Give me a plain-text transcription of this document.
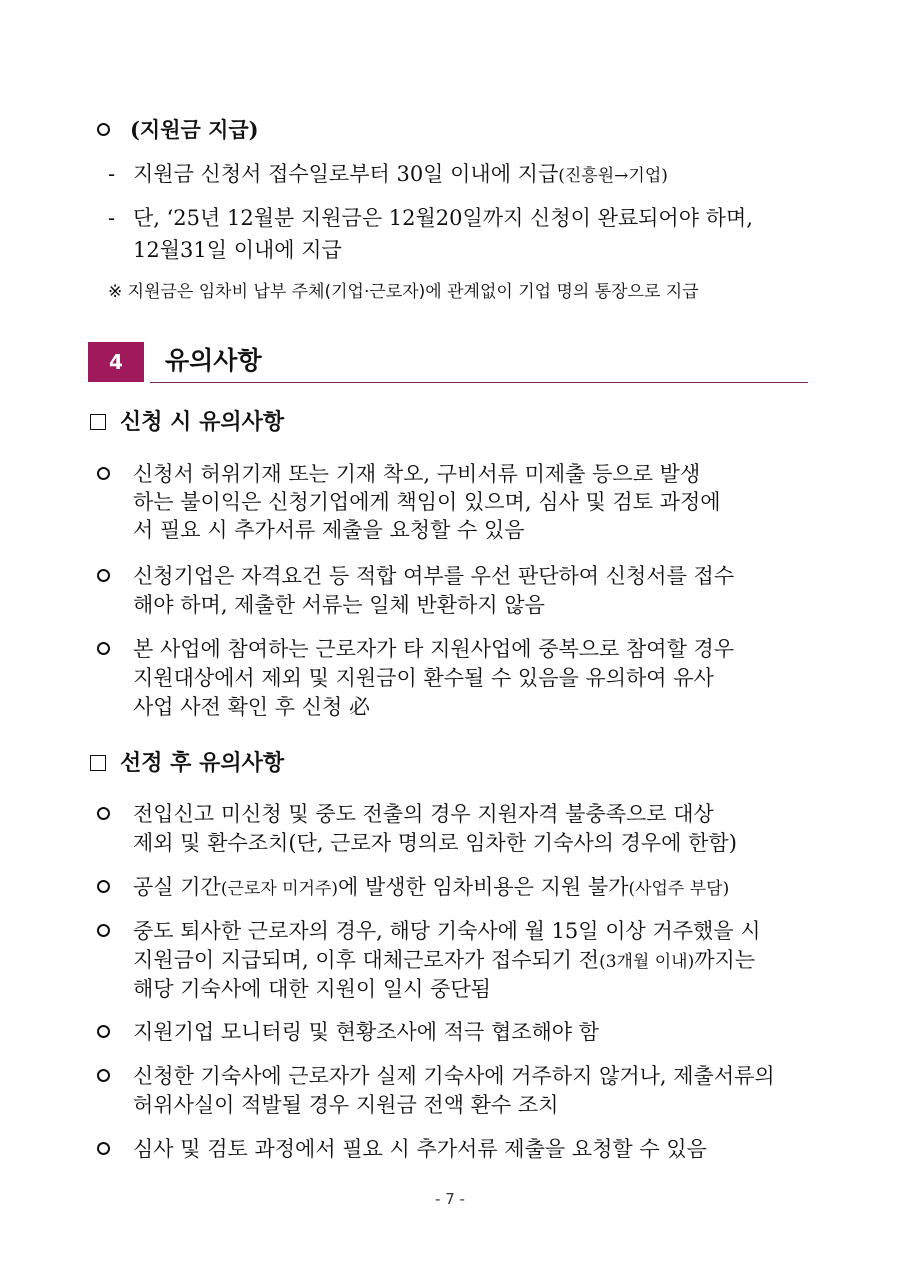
(지원금 지급)
- 지원금 신청서 접수일로부터 30일 이내에 지급(진흥원→기업)
- 단, ‘25년 12월분 지원금은 12월20일까지 신청이 완료되어야 하며,
12월31일 이내에 지급
※ 지원금은 임차비 납부 주체(기업·근로자)에 관계없이 기업 명의 통장으로 지급
4	유의사항
신청 시 유의사항
신청서 허위기재 또는 기재 착오, 구비서류 미제출 등으로 발생
하는 불이익은 신청기업에게 책임이 있으며, 심사 및 검토 과정에
서 필요 시 추가서류 제출을 요청할 수 있음
신청기업은 자격요건 등 적합 여부를 우선 판단하여 신청서를 접수
해야 하며, 제출한 서류는 일체 반환하지 않음
본 사업에 참여하는 근로자가 타 지원사업에 중복으로 참여할 경우
지원대상에서 제외 및 지원금이 환수될 수 있음을 유의하여 유사
사업 사전 확인 후 신청 必
선정 후 유의사항
전입신고 미신청 및 중도 전출의 경우 지원자격 불충족으로 대상
제외 및 환수조치(단, 근로자 명의로 임차한 기숙사의 경우에 한함)
공실 기간(근로자 미거주)에 발생한 임차비용은 지원 불가(사업주 부담)
중도 퇴사한 근로자의 경우, 해당 기숙사에 월 15일 이상 거주했을 시
지원금이 지급되며, 이후 대체근로자가 접수되기 전(3개월 이내)까지는
해당 기숙사에 대한 지원이 일시 중단됨
지원기업 모니터링 및 현황조사에 적극 협조해야 함
신청한 기숙사에 근로자가 실제 기숙사에 거주하지 않거나, 제출서류의
허위사실이 적발될 경우 지원금 전액 환수 조치
심사 및 검토 과정에서 필요 시 추가서류 제출을 요청할 수 있음
- 7 -
